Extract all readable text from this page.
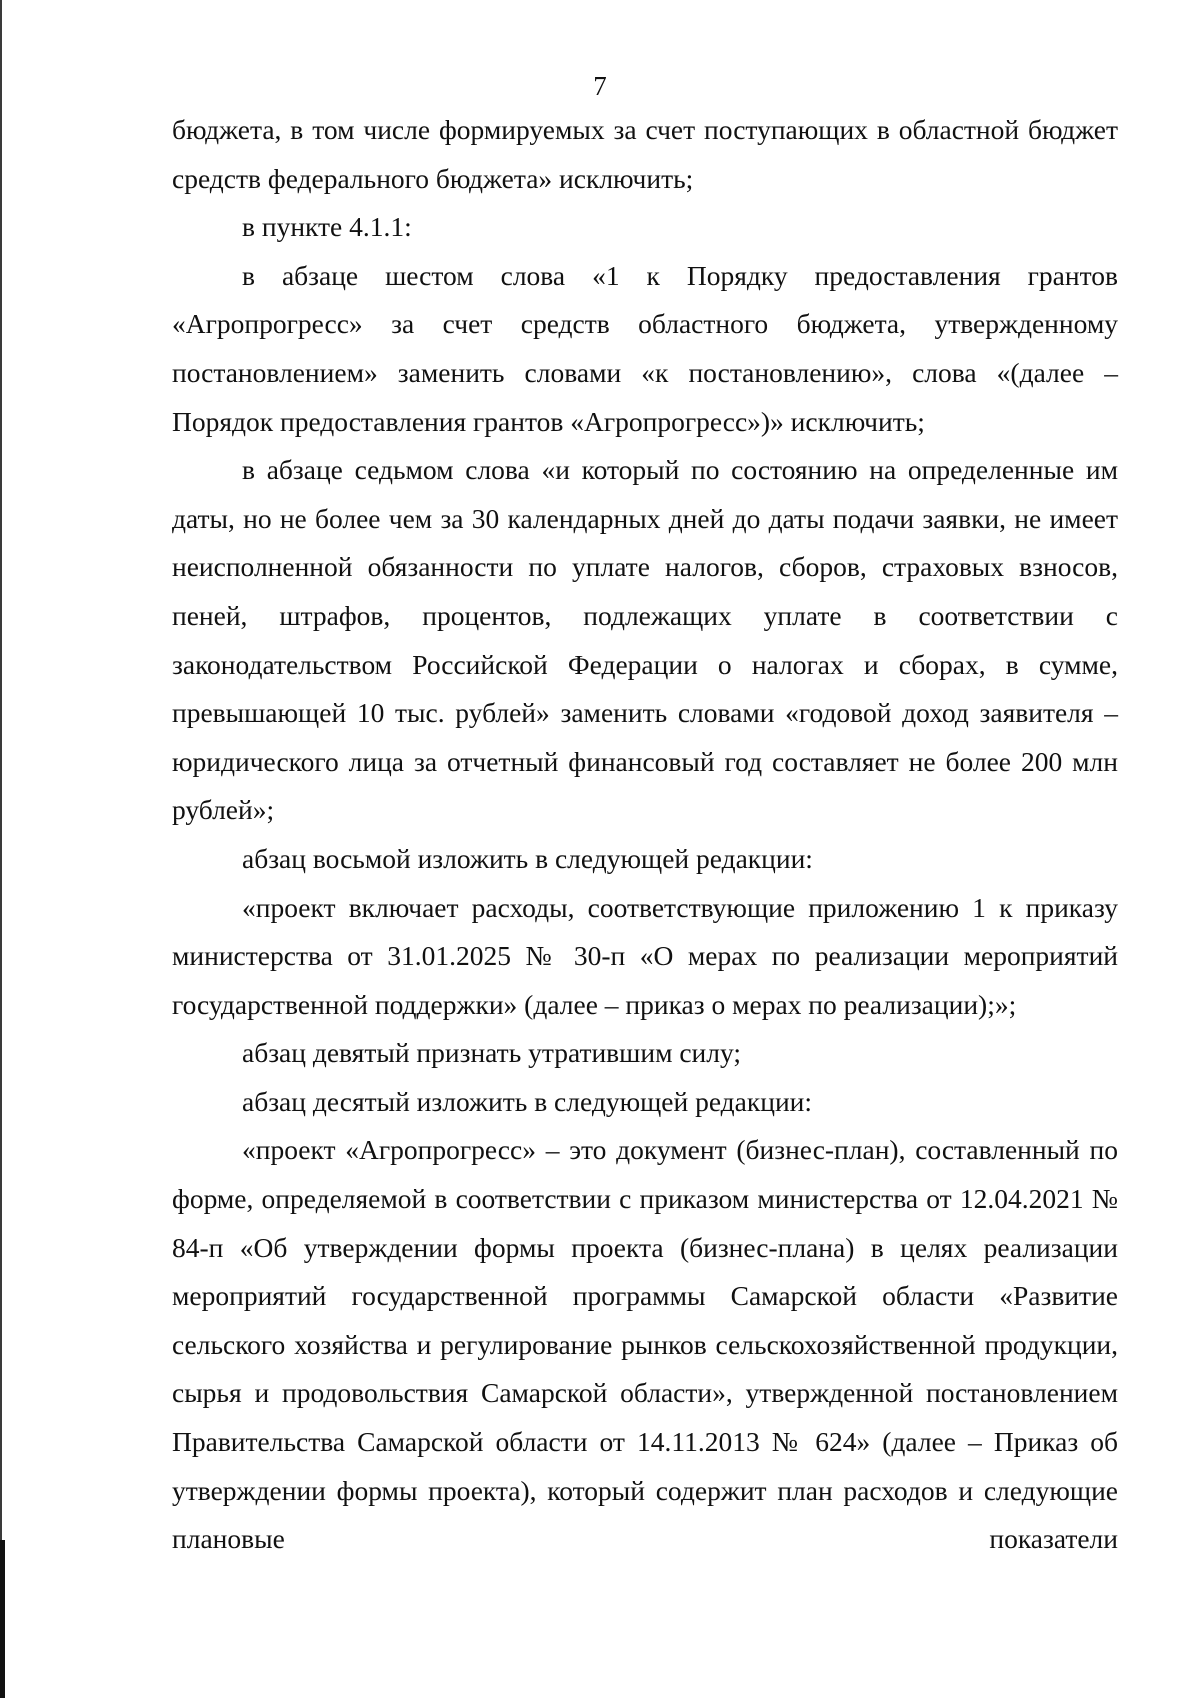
7

бюджета, в том числе формируемых за счет поступающих в областной бюджет средств федерального бюджета» исключить;

в пункте 4.1.1:

в абзаце шестом слова «1 к Порядку предоставления грантов «Агропрогресс» за счет средств областного бюджета, утвержденному постановлением» заменить словами «к постановлению», слова «(далее – Порядок предоставления грантов «Агропрогресс»)» исключить;

в абзаце седьмом слова «и который по состоянию на определенные им даты, но не более чем за 30 календарных дней до даты подачи заявки, не имеет неисполненной обязанности по уплате налогов, сборов, страховых взносов, пеней, штрафов, процентов, подлежащих уплате в соответствии с законодательством Российской Федерации о налогах и сборах, в сумме, превышающей 10 тыс. рублей» заменить словами «годовой доход заявителя – юридического лица за отчетный финансовый год составляет не более 200 млн рублей»;

абзац восьмой изложить в следующей редакции:

«проект включает расходы, соответствующие приложению 1 к приказу министерства от 31.01.2025 № 30-п «О мерах по реализации мероприятий государственной поддержки» (далее – приказ о мерах по реализации);»;

абзац девятый признать утратившим силу;

абзац десятый изложить в следующей редакции:

«проект «Агропрогресс» – это документ (бизнес-план), составленный по форме, определяемой в соответствии с приказом министерства от 12.04.2021 № 84-п «Об утверждении формы проекта (бизнес-плана) в целях реализации мероприятий государственной программы Самарской области «Развитие сельского хозяйства и регулирование рынков сельскохозяйственной продукции, сырья и продовольствия Самарской области», утвержденной постановлением Правительства Самарской области от 14.11.2013 № 624» (далее – Приказ об утверждении формы проекта), который содержит план расходов и следующие плановые показатели
